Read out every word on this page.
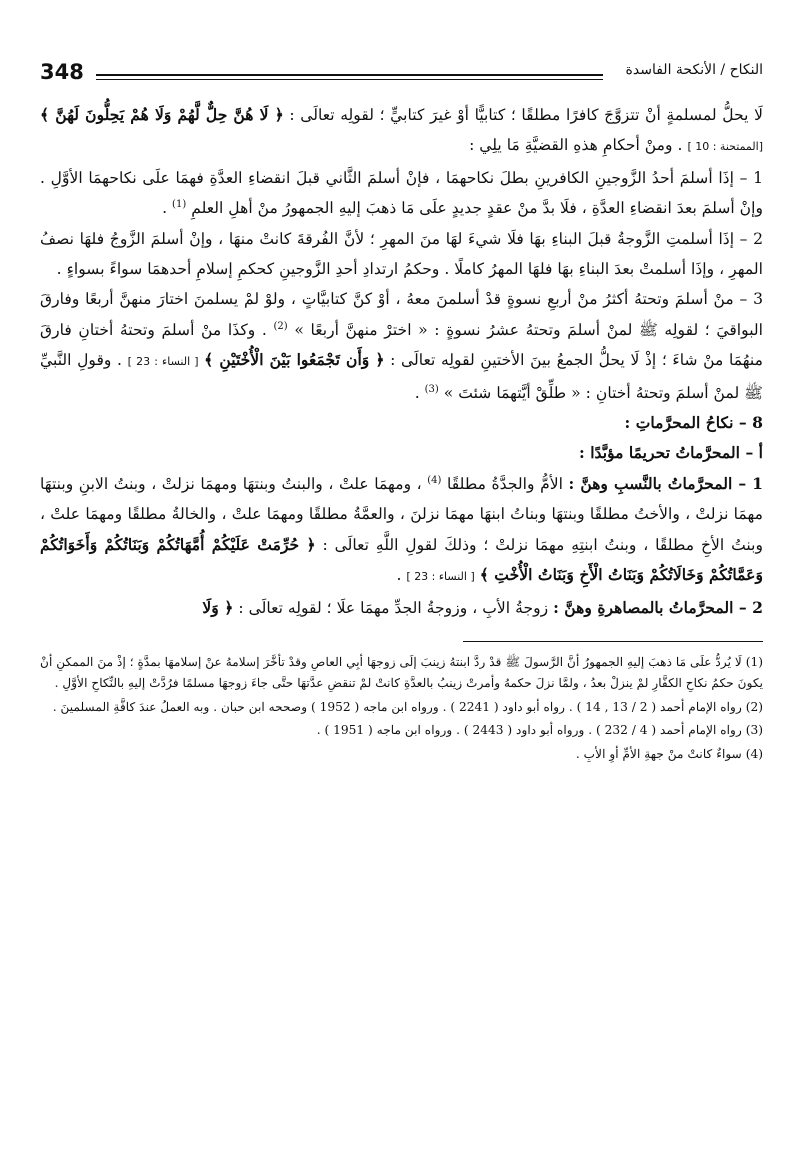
348	النكاح / الأنكحة الفاسدة

لَا يحلُّ لمسلمةٍ أنْ تتزوَّجَ كافرًا مطلقًا ؛ كتابيًّا أوْ غيرَ كتابيٍّ ؛ لقولِه تعالَى : ﴿ لَا هُنَّ حِلٌّ لَّهُمْ وَلَا هُمْ يَحِلُّونَ لَهُنَّ ﴾ [الممتحنة : 10 ] . ومنْ أحكامِ هذهِ القضيَّةِ مَا يلِي :

1 – إذَا أسلمَ أحدُ الزَّوجينِ الكافرينِ بطلَ نكاحهمَا ، فإنْ أسلمَ الثَّاني قبلَ انقضاءِ العدَّةِ فهمَا علَى نكاحهمَا الأوَّلِ . وإنْ أسلمَ بعدَ انقضاءِ العدَّةِ ، فلَا بدَّ منْ عقدٍ جديدٍ علَى مَا ذهبَ إليهِ الجمهورُ منْ أهلِ العلمِ $^{(1)}$ .

2 – إذَا أسلمتِ الزَّوجةُ قبلَ البناءِ بهَا فلَا شيءَ لهَا منَ المهرِ ؛ لأنَّ الفُرقةَ كانتْ منهَا ، وإنْ أسلمَ الزَّوجُ فلهَا نصفُ المهرِ ، وإذَا أسلمتْ بعدَ البناءِ بهَا فلهَا المهرُ كاملًا . وحكمُ ارتدادِ أحدِ الزَّوجينِ كحكمِ إسلامِ أحدهمَا سواءً بسواءٍ .

3 – منْ أسلمَ وتحتهُ أكثرُ منْ أربعِ نسوةٍ قدْ أسلمنَ معهُ ، أوْ كنَّ كتابيَّاتٍ ، ولوْ لمْ يسلمنَ اختارَ منهنَّ أربعًا وفارقَ البواقيَ ؛ لقولِه ﷺ لمنْ أسلمَ وتحتهُ عشرُ نسوةٍ : « اخترْ منهنَّ أربعًا » $^{(2)}$ . وكذَا منْ أسلمَ وتحتهُ أختانِ فارقَ منهُمَا منْ شاءَ ؛ إذْ لَا يحلُّ الجمعُ بينَ الأختينِ لقولِه تعالَى : ﴿ وَأَن تَجْمَعُوا بَيْنَ الْأُخْتَيْنِ ﴾ [ النساء : 23 ] . وقولِ النَّبيِّ ﷺ لمنْ أسلمَ وتحتهُ أختانِ : « طلِّقْ أيَّتهمَا شئتَ » $^{(3)}$ .

8 – نكاحُ المحرَّماتِ :

أ – المحرَّماتُ تحريمًا مؤبَّدًا :

1 – المحرَّماتُ بالنَّسبِ وهنَّ : الأمُّ والجدَّةُ مطلقًا $^{(4)}$ ، ومهمَا علتْ ، والبنتُ وبنتهَا ومهمَا نزلتْ ، وبنتُ الابنِ وبنتهَا مهمَا نزلتْ ، والأختُ مطلقًا وبنتهَا وبناتُ ابنهَا مهمَا نزلنَ ، والعمَّةُ مطلقًا ومهمَا علتْ ، والخالةُ مطلقًا ومهمَا علتْ ، وبنتُ الأخِ مطلقًا ، وبنتُ ابنتِهِ مهمَا نزلتْ ؛ وذلكَ لقولِ اللَّهِ تعالَى : ﴿ حُرِّمَتْ عَلَيْكُمْ أُمَّهَاتُكُمْ وَبَنَاتُكُمْ وَأَخَوَاتُكُمْ وَعَمَّاتُكُمْ وَخَالَاتُكُمْ وَبَنَاتُ الْأَخِ وَبَنَاتُ الْأُخْتِ ﴾ [ النساء : 23 ] .

2 – المحرَّماتُ بالمصاهرةِ وهنَّ : زوجةُ الأبِ ، وزوجةُ الجدِّ مهمَا علَا ؛ لقولِه تعالَى : ﴿ وَلَا

(1) لَا يُردُّ علَى مَا ذهبَ إليهِ الجمهورُ أنَّ الرَّسولَ ﷺ قدْ ردَّ ابنتهُ زينبَ إلَى زوجهَا أبِي العاصِ وقدْ تأخَّرَ إسلامهُ عنْ إسلامهَا بمدَّةٍ ؛ إذْ منَ الممكنِ أنْ يكونَ حكمُ نكاحِ الكفَّارِ لمْ ينزلْ بعدُ ، ولمَّا نزلَ حكمهُ وأمرتْ زينبُ بالعدَّةِ كانتْ لمْ تنقضِ عدَّتهَا حتَّى جاءَ زوجهَا مسلمًا فرُدَّتْ إليهِ بالنِّكاحِ الأوَّلِ .

(2) رواه الإمام أحمد ( 2 / 13 , 14 ) . رواه أبو داود ( 2241 ) . ورواه ابن ماجه ( 1952 ) وصححه ابن حبان . وبه العملُ عندَ كافَّةِ المسلمينَ .

(3) رواه الإمام أحمد ( 4 / 232 ) . ورواه أبو داود ( 2443 ) . ورواه ابن ماجه ( 1951 ) .

(4) سواءٌ كانتْ منْ جهةِ الأمِّ أوِ الأبِ .
